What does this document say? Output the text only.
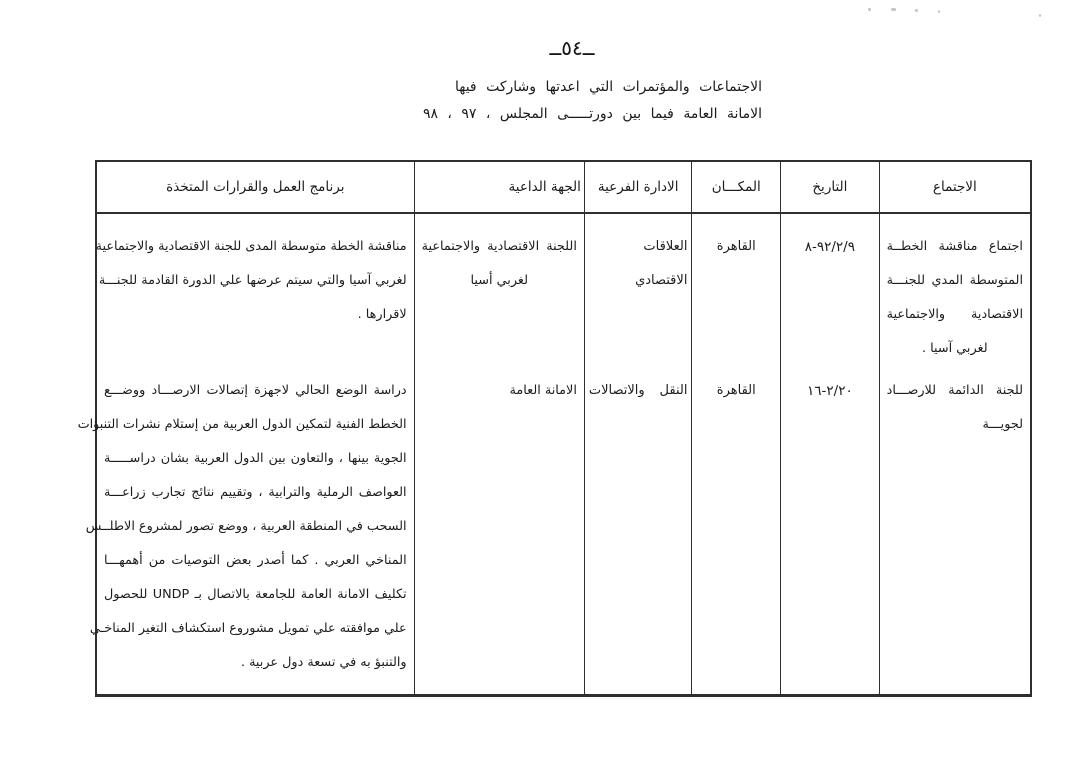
ــ٥٤ــ
الاجتماعات والمؤتمرات التي اعدتها وشاركت فيها
الامانة العامة فيما بين دورتـــــى المجلس ، ٩٧ ، ٩٨
الاجتماع
التاريخ
المكـــان
الادارة الفرعية
الجهة الداعية
برنامج العمل والقرارات المتخذة
اجتماع مناقشة الخطــة
المتوسطة المدي للجنـــة
الاقتصادية والاجتماعية
لغربي آسيا .
للجنة الدائمة للارصـــاد
لجويـــة
٩٢/٢/٩-٨
٢/٢٠-١٦
القاهرة
القاهرة
العلاقات الاقتصادي
النقل والاتصالات
اللجنة الاقتصادية والاجتماعية
لغربي أسيا
الامانة العامة
مناقشة الخطة متوسطة المدى للجنة الاقتصادية والاجتماعية
لغربي آسيا والتي سيتم عرضها علي الدورة القادمة للجنـــة
لاقرارها .
دراسة الوضع الحالي لاجهزة إتصالات الارصـــاد ووضـــع
الخطط الفنية لتمكين الدول العربية من إستلام نشرات التنبؤات
الجوية بينها ، والتعاون بين الدول العربية بشان دراســـــة
العواصف الرملية والترابية ، وتقييم نتائج تجارب زراعـــة
السحب في المنطقة العربية ، ووضع تصور لمشروع الاطلــس
المناخي العربي . كما أصدر بعض التوصيات من أهمهـــا
تكليف الامانة العامة للجامعة بالاتصال بـ UNDP للحصول
علي موافقته علي تمويل مشوروع استكشاف التغير المناخـي
والتنبؤ به في تسعة دول عربية .
